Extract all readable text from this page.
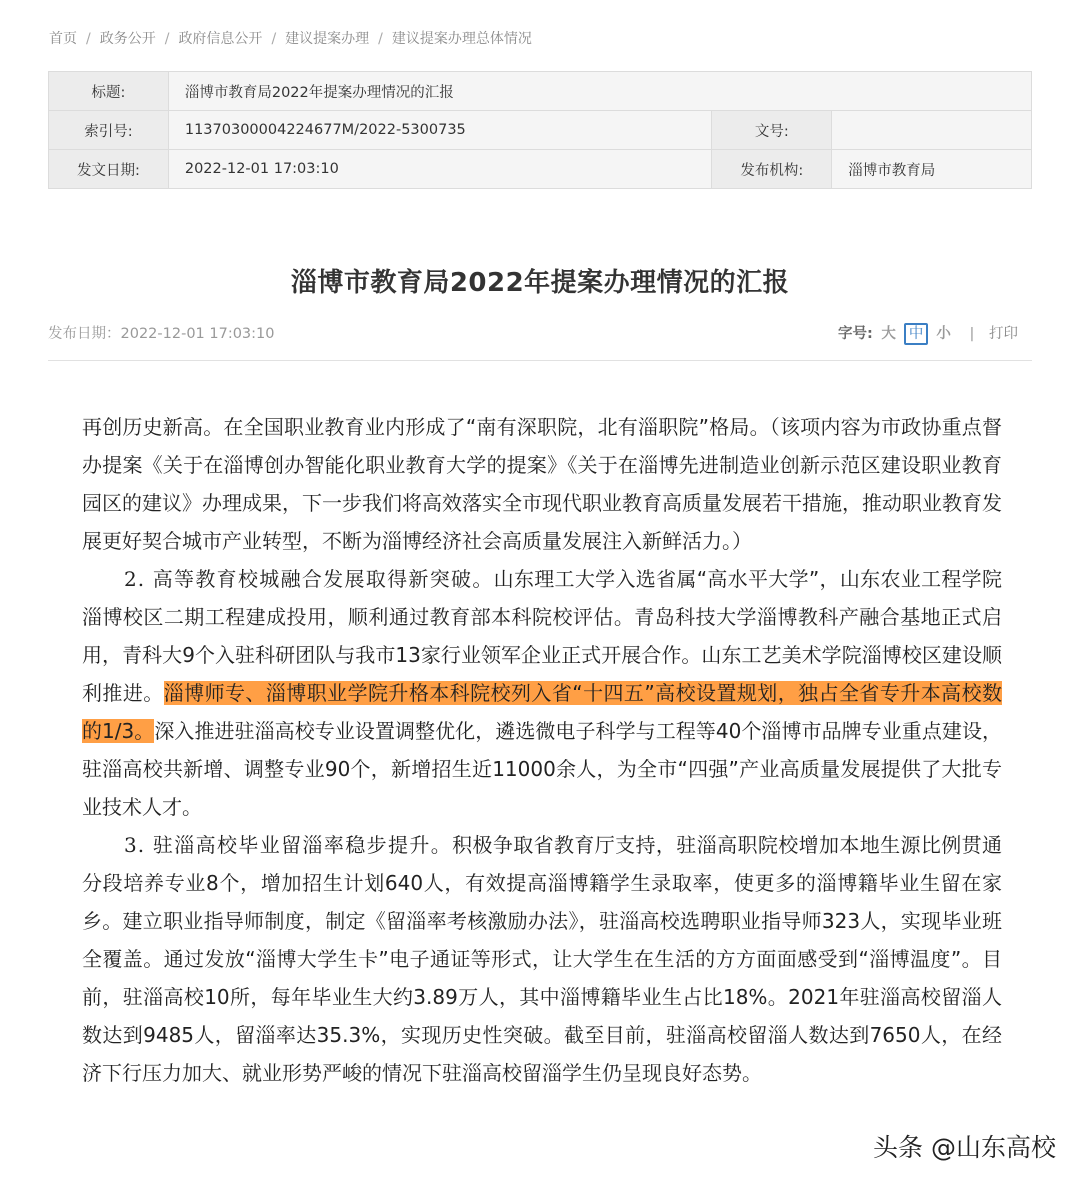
首页 / 政务公开 / 政府信息公开 / 建议提案办理 / 建议提案办理总体情况
标题:	淄博市教育局2022年提案办理情况的汇报		
索引号:	11370300004224677M/2022-5300735	文号:	
发文日期:	2022-12-01 17:03:10	发布机构:	淄博市教育局
淄博市教育局2022年提案办理情况的汇报
发布日期：2022-12-01 17:03:10	字号: 大 中 小 | 打印

再创历史新高。在全国职业教育业内形成了“南有深职院，北有淄职院”格局。（该项内容为市政协重点督办提案《关于在淄博创办智能化职业教育大学的提案》《关于在淄博先进制造业创新示范区建设职业教育园区的建议》办理成果，下一步我们将高效落实全市现代职业教育高质量发展若干措施，推动职业教育发展更好契合城市产业转型，不断为淄博经济社会高质量发展注入新鲜活力。）

2. 高等教育校城融合发展取得新突破。山东理工大学入选省属“高水平大学”，山东农业工程学院淄博校区二期工程建成投用，顺利通过教育部本科院校评估。青岛科技大学淄博教科产融合基地正式启用，青科大9个入驻科研团队与我市13家行业领军企业正式开展合作。山东工艺美术学院淄博校区建设顺利推进。淄博师专、淄博职业学院升格本科院校列入省“十四五”高校设置规划，独占全省专升本高校数的1/3。深入推进驻淄高校专业设置调整优化，遴选微电子科学与工程等40个淄博市品牌专业重点建设，驻淄高校共新增、调整专业90个，新增招生近11000余人，为全市“四强”产业高质量发展提供了大批专业技术人才。

3. 驻淄高校毕业留淄率稳步提升。积极争取省教育厅支持，驻淄高职院校增加本地生源比例贯通分段培养专业8个，增加招生计划640人，有效提高淄博籍学生录取率，使更多的淄博籍毕业生留在家乡。建立职业指导师制度，制定《留淄率考核激励办法》，驻淄高校选聘职业指导师323人，实现毕业班全覆盖。通过发放“淄博大学生卡”电子通证等形式，让大学生在生活的方方面面感受到“淄博温度”。目前，驻淄高校10所，每年毕业生大约3.89万人，其中淄博籍毕业生占比18%。2021年驻淄高校留淄人数达到9485人，留淄率达35.3%，实现历史性突破。截至目前，驻淄高校留淄人数达到7650人，在经济下行压力加大、就业形势严峻的情况下驻淄高校留淄学生仍呈现良好态势。

头条 @山东高校
